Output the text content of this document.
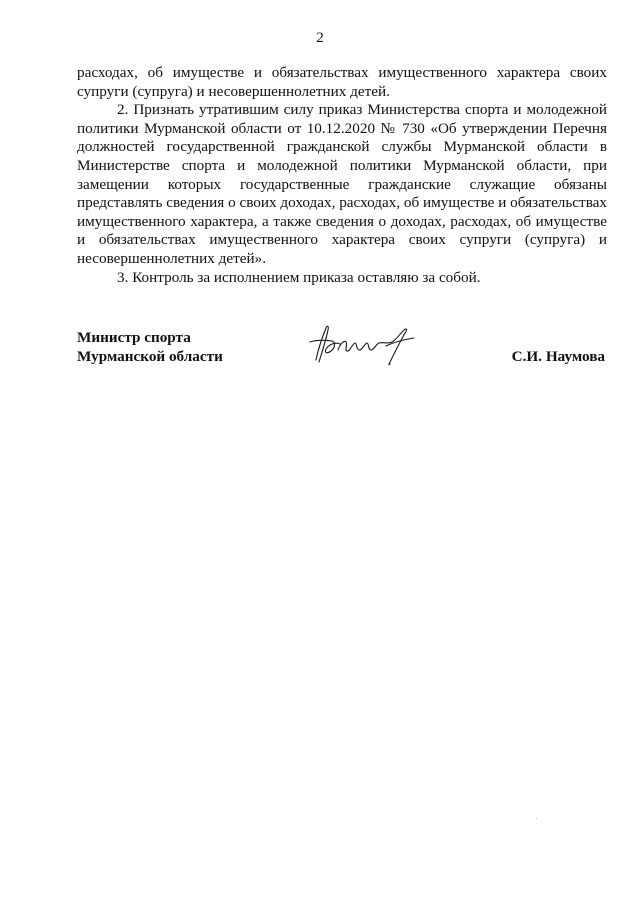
2

расходах, об имуществе и обязательствах имущественного характера своих супруги (супруга) и несовершеннолетних детей.

2. Признать утратившим силу приказ Министерства спорта и молодежной политики Мурманской области от 10.12.2020 № 730 «Об утверждении Перечня должностей государственной гражданской службы Мурманской области в Министерстве спорта и молодежной политики Мурманской области, при замещении которых государственные гражданские служащие обязаны представлять сведения о своих доходах, расходах, об имуществе и обязательствах имущественного характера, а также сведения о доходах, расходах, об имуществе и обязательствах имущественного характера своих супруги (супруга) и несовершеннолетних детей».

3. Контроль за исполнением приказа оставляю за собой.

Министр спорта
Мурманской области	С.И. Наумова
